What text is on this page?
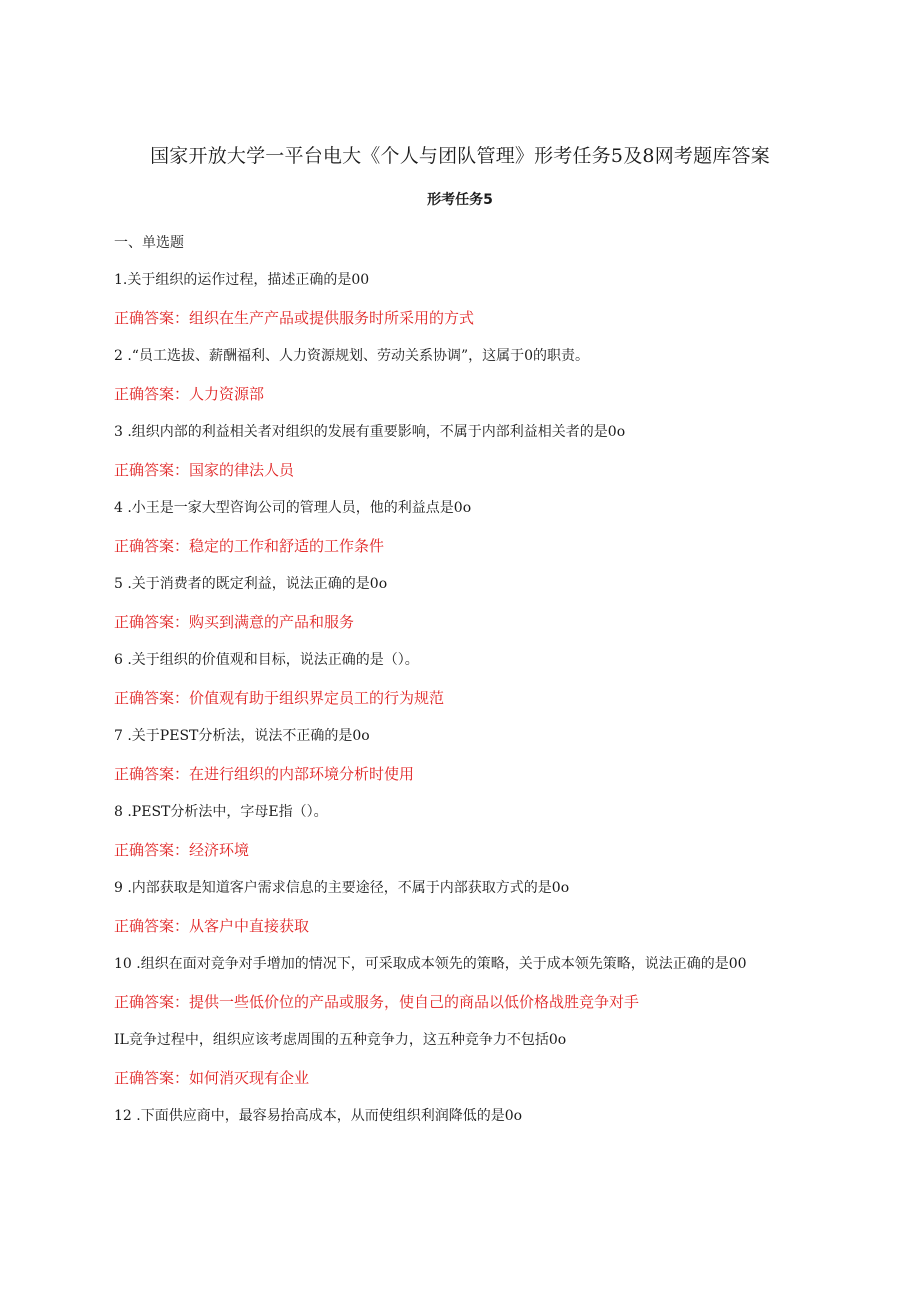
国家开放大学一平台电大《个人与团队管理》形考任务5及8网考题库答案
形考任务5
一、单选题
1.关于组织的运作过程，描述正确的是00
正确答案：组织在生产产品或提供服务时所采用的方式
2 .“员工选拔、薪酬福利、人力资源规划、劳动关系协调”，这属于0的职责。
正确答案：人力资源部
3 .组织内部的利益相关者对组织的发展有重要影响，不属于内部利益相关者的是0o
正确答案：国家的律法人员
4 .小王是一家大型咨询公司的管理人员，他的利益点是0o
正确答案：稳定的工作和舒适的工作条件
5 .关于消费者的既定利益，说法正确的是0o
正确答案：购买到满意的产品和服务
6 .关于组织的价值观和目标，说法正确的是（）。
正确答案：价值观有助于组织界定员工的行为规范
7 .关于PEST分析法，说法不正确的是0o
正确答案：在进行组织的内部环境分析时使用
8 .PEST分析法中，字母E指（）。
正确答案：经济环境
9 .内部获取是知道客户需求信息的主要途径，不属于内部获取方式的是0o
正确答案：从客户中直接获取
10 .组织在面对竞争对手增加的情况下，可采取成本领先的策略，关于成本领先策略，说法正确的是00
正确答案：提供一些低价位的产品或服务，使自己的商品以低价格战胜竞争对手
IL竞争过程中，组织应该考虑周围的五种竞争力，这五种竞争力不包括0o
正确答案：如何消灭现有企业
12 .下面供应商中，最容易抬高成本，从而使组织利润降低的是0o
